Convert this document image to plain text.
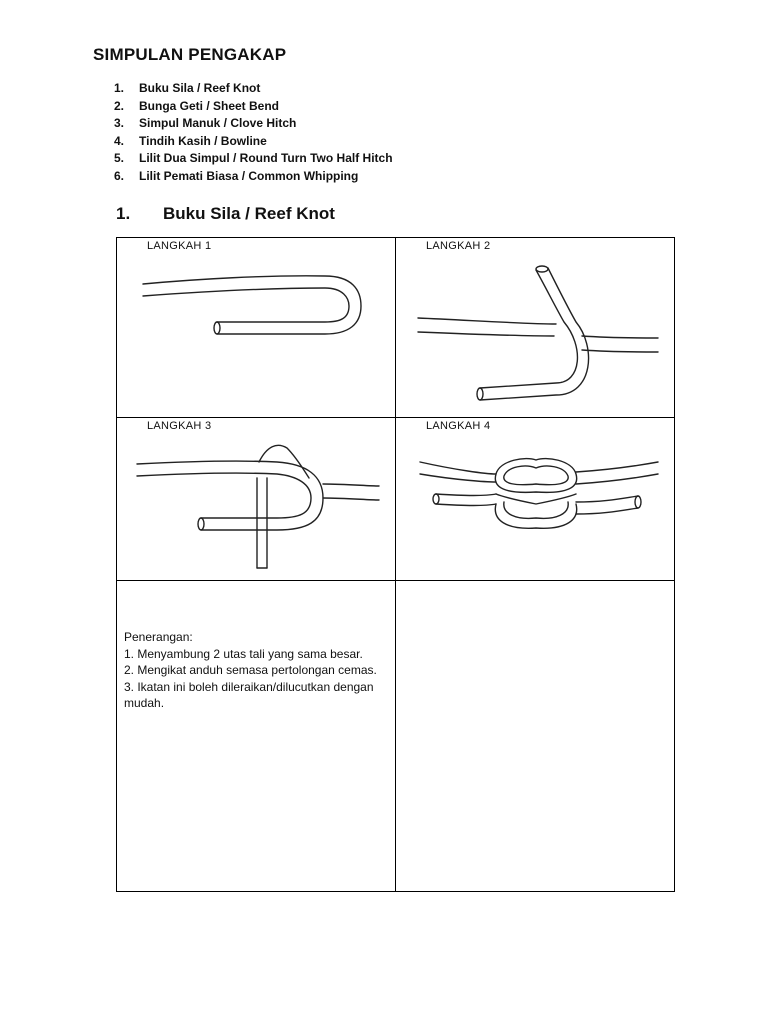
SIMPULAN PENGAKAP
1. Buku Sila / Reef Knot
2. Bunga Geti / Sheet Bend
3. Simpul Manuk / Clove Hitch
4. Tindih Kasih / Bowline
5. Lilit Dua Simpul / Round Turn Two Half Hitch
6. Lilit Pemati Biasa / Common Whipping
1. Buku Sila / Reef Knot
LANGKAH 1	LANGKAH 2
LANGKAH 3	LANGKAH 4
Penerangan:
1. Menyambung 2 utas tali yang sama besar.
2. Mengikat anduh semasa pertolongan cemas.
3. Ikatan ini boleh dileraikan/dilucutkan dengan mudah.
